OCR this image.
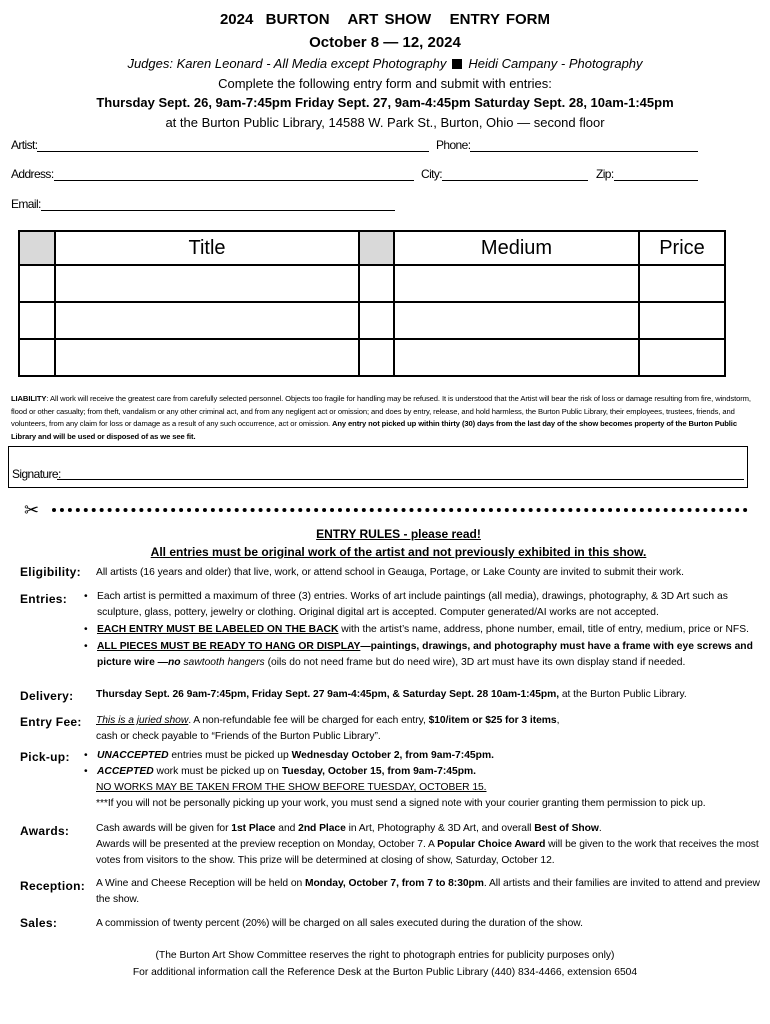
2024  BURTON   ART SHOW   ENTRY FORM
October 8 — 12, 2024
Judges: Karen Leonard - All Media except Photography Heidi Campany - Photography
Complete the following entry form and submit with entries:
Thursday Sept. 26, 9am-7:45pm Friday Sept. 27, 9am-4:45pm Saturday Sept. 28, 10am-1:45pm
at the Burton Public Library, 14588 W. Park St., Burton, Ohio — second floor
Artist:	Phone:
Address:	City:	Zip:
Email:
	Title		Medium	Price

LIABILITY: All work will receive the greatest care from carefully selected personnel. Objects too fragile for handling may be refused. It is understood that the Artist will bear the risk of loss or damage resulting from fire, windstorm, flood or other casualty; from theft, vandalism or any other criminal act, and from any negligent act or omission; and does by entry, release, and hold harmless, the Burton Public Library, their employees, trustees, friends, and volunteers, from any claim for loss or damage as a result of any such occurrence, act or omission. Any entry not picked up within thirty (30) days from the last day of the show becomes property of the Burton Public Library and will be used or disposed of as we see fit.
Signature:
✂
ENTRY RULES - please read!
All entries must be original work of the artist and not previously exhibited in this show.
Eligibility: All artists (16 years and older) that live, work, or attend school in Geauga, Portage, or Lake County are invited to submit their work.
Entries: • Each artist is permitted a maximum of three (3) entries. Works of art include paintings (all media), drawings, photography, & 3D Art such as sculpture, glass, pottery, jewelry or clothing. Original digital art is accepted. Computer generated/AI works are not accepted.
• EACH ENTRY MUST BE LABELED ON THE BACK with the artist’s name, address, phone number, email, title of entry, medium, price or NFS.
• ALL PIECES MUST BE READY TO HANG OR DISPLAY—paintings, drawings, and photography must have a frame with eye screws and picture wire —no sawtooth hangers (oils do not need frame but do need wire), 3D art must have its own display stand if needed.
Delivery: Thursday Sept. 26 9am-7:45pm, Friday Sept. 27 9am-4:45pm, & Saturday Sept. 28 10am-1:45pm, at the Burton Public Library.
Entry Fee: This is a juried show. A non-refundable fee will be charged for each entry, $10/item or $25 for 3 items,
cash or check payable to “Friends of the Burton Public Library”.
Pick-up: • UNACCEPTED entries must be picked up Wednesday October 2, from 9am-7:45pm.
• ACCEPTED work must be picked up on Tuesday, October 15, from 9am-7:45pm.
NO WORKS MAY BE TAKEN FROM THE SHOW BEFORE TUESDAY, OCTOBER 15.
***If you will not be personally picking up your work, you must send a signed note with your courier granting them permission to pick up.
Awards:	Cash awards will be given for 1st Place and 2nd Place in Art, Photography & 3D Art, and overall Best of Show.
Awards will be presented at the preview reception on Monday, October 7. A Popular Choice Award will be given to the work that receives the most votes from visitors to the show. This prize will be determined at closing of show, Saturday, October 12.
Reception: A Wine and Cheese Reception will be held on Monday, October 7, from 7 to 8:30pm. All artists and their families are invited to attend and preview the show.
Sales:	A commission of twenty percent (20%) will be charged on all sales executed during the duration of the show.
(The Burton Art Show Committee reserves the right to photograph entries for publicity purposes only)
For additional information call the Reference Desk at the Burton Public Library (440) 834-4466, extension 6504
